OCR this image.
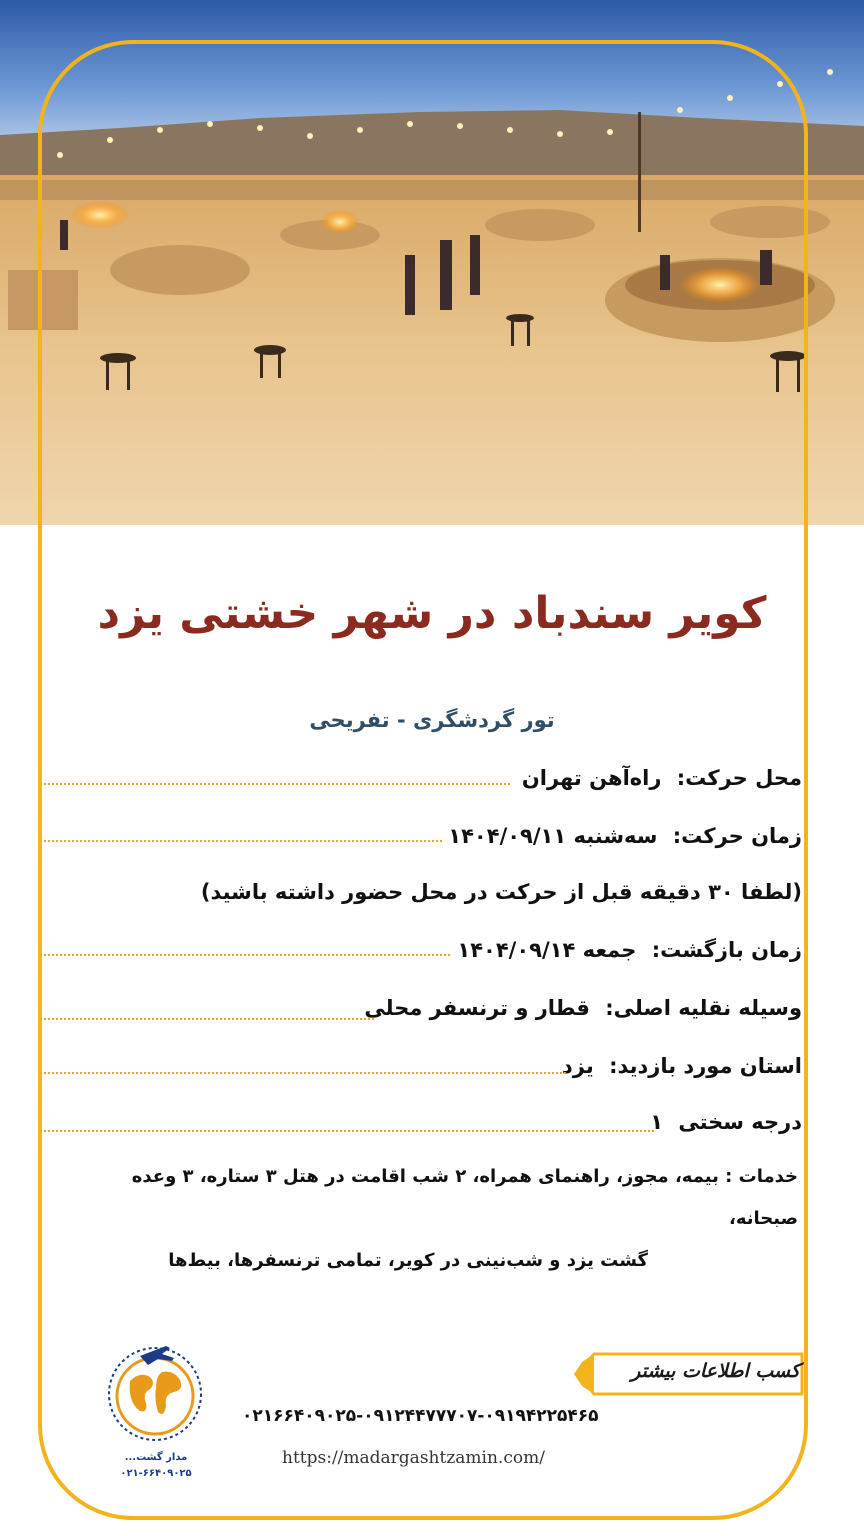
کویر سندباد در شهر خشتی یزد
تور گردشگری - تفریحی
محل حرکت: راه‌آهن تهران
زمان حرکت: سه‌شنبه ۱۴۰۴/۰۹/۱۱
(لطفا ۳۰ دقیقه قبل از حرکت در محل حضور داشته باشید)
زمان بازگشت: جمعه ۱۴۰۴/۰۹/۱۴
وسیله نقلیه اصلی: قطار و ترنسفر محلی
استان مورد بازدید: یزد
درجه سختی ۱
خدمات : بیمه، مجوز، راهنمای همراه، ۲ شب اقامت در هتل ۳ ستاره، ۳ وعده صبحانه،
گشت یزد و شب‌نینی در کویر، تمامی ترنسفرها، بیط‌ها
مدار گشت...
۰۲۱-۶۶۴۰۹۰۲۵
کسب اطلاعات بیشتر
۰۲۱۶۶۴۰۹۰۲۵-۰۹۱۲۴۴۷۷۷۰۷-۰۹۱۹۴۲۲۵۴۶۵
https://madargashtzamin.com/
